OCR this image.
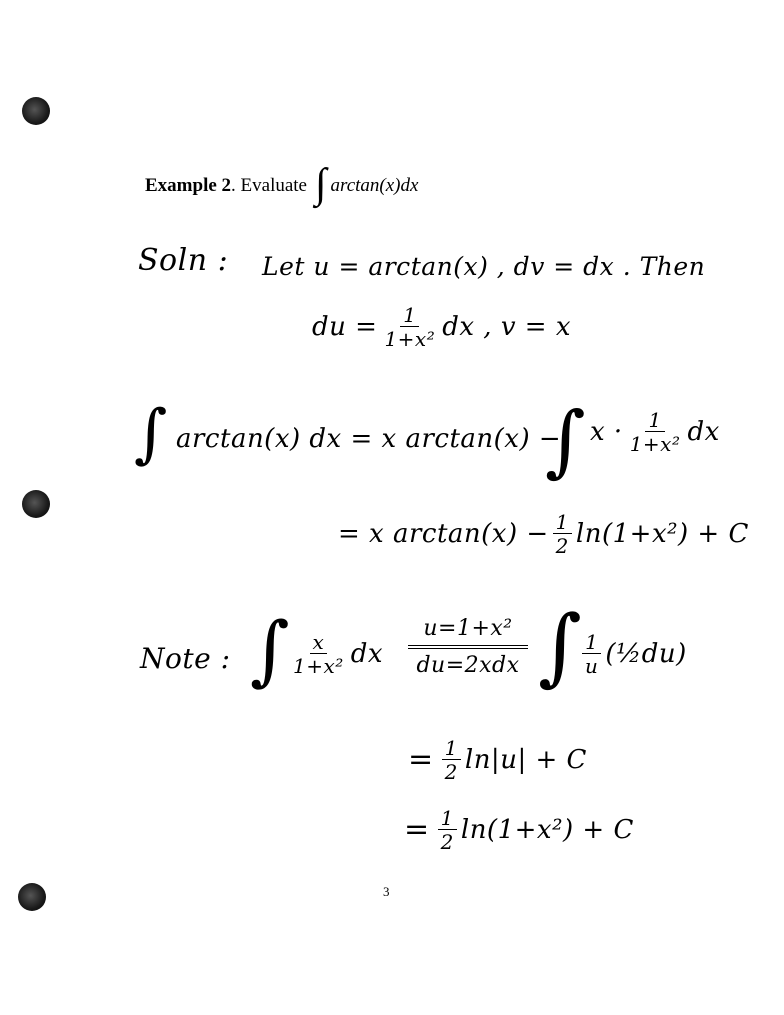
Example 2 . Evaluate ∫ arctan(x)dx
Soln : Let u = arctan(x) , dv = dx . Then
du = $\frac{1}{\text{1+x²}}$ dx , v = x
∫ arctan(x) dx = x arctan(x) −
∫ $x \cdot \frac{1}{\text{1+x²}}$ dx
= x $\arctan(x) - \frac{1}{2} \ln(1+x^2) + C$
Note : ∫ $\frac{x}{\text{1+x²}}$ dx
u=1+x²
du=2xdx ∫ $\frac{1}{u}$ (½du)
= $\frac{1}{2} \ln|u| + C$
= $\frac{1}{2} \ln(1+x^2) + C$
3
